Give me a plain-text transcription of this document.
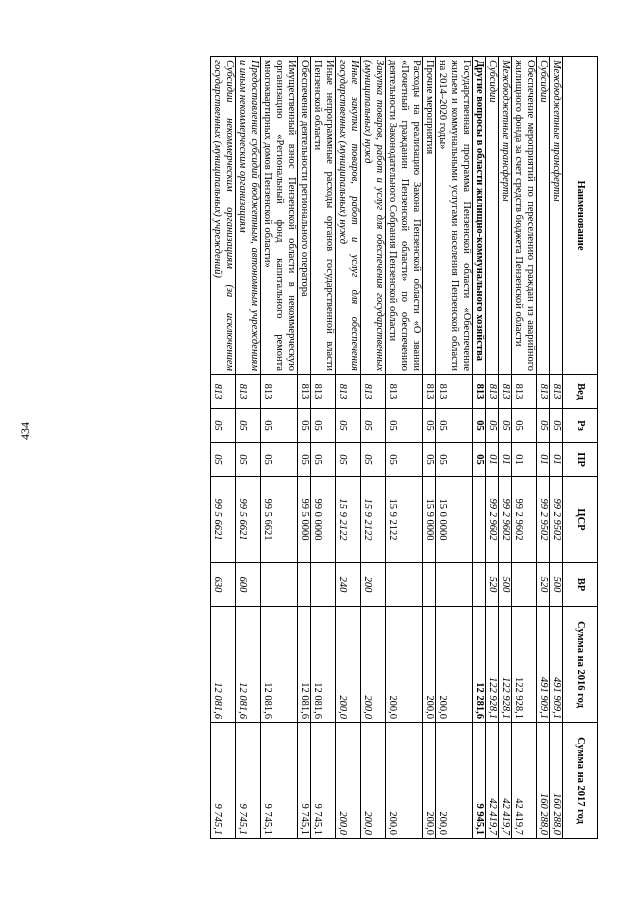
434
Наименование	Вед	Рз	ПР	ЦСР	ВР	Сумма на 2016 год	Сумма на 2017 год
Межбюджетные трансферты	813	05	01	99 2 9502	500	491 909,1	160 288,0
Субсидии	813	05	01	99 2 9502	520	491 909,1	160 288,0
Обеспечение мероприятий по переселению граждан из аварийного жилищного фонда за счет средств бюджета Пензенской области	813	05	01	99 2 9602		122 928,1	42 419,7
Межбюджетные трансферты	813	05	01	99 2 9602	500	122 928,1	42 419,7
Субсидии	813	05	01	99 2 9602	520	122 928,1	42 419,7
Другие вопросы в области жилищно-коммунального хозяйства	813	05	05			12 281,6	9 945,1
Государственная программа Пензенской области «Обеспечение жильем и коммунальными услугами населения Пензенской области на 2014–2020 годы»	813	05	05	15 0 0000		200,0	200,0
Прочие мероприятия	813	05	05	15 9 0000		200,0	200,0
Расходы на реализацию Закона Пензенской области «О звании «Почетный гражданин Пензенской области» по обеспечению деятельности Законодательного Собрания Пензенской области	813	05	05	15 9 2122		200,0	200,0
Закупка товаров, работ и услуг для обеспечения государственных (муниципальных) нужд	813	05	05	15 9 2122	200	200,0	200,0
Иные закупки товаров, работ и услуг для обеспечения государственных (муниципальных) нужд	813	05	05	15 9 2122	240	200,0	200,0
Иные непрограммные расходы органов государственной власти Пензенской области	813	05	05	99 0 0000		12 081,6	9 745,1
Обеспечение деятельности регионального оператора	813	05	05	99 5 0000		12 081,6	9 745,1
Имущественный взнос Пензенской области в некоммерческую организацию «Региональный фонд капитального ремонта многоквартирных домов Пензенской области»	813	05	05	99 5 6621		12 081,6	9 745,1
Предоставление субсидий бюджетным, автономным учреждениям и иным некоммерческим организациям	813	05	05	99 5 6621	600	12 081,6	9 745,1
Субсидии некоммерческим организациям (за исключением государственных (муниципальных) учреждений)	813	05	05	99 5 6621	630	12 081,6	9 745,1
